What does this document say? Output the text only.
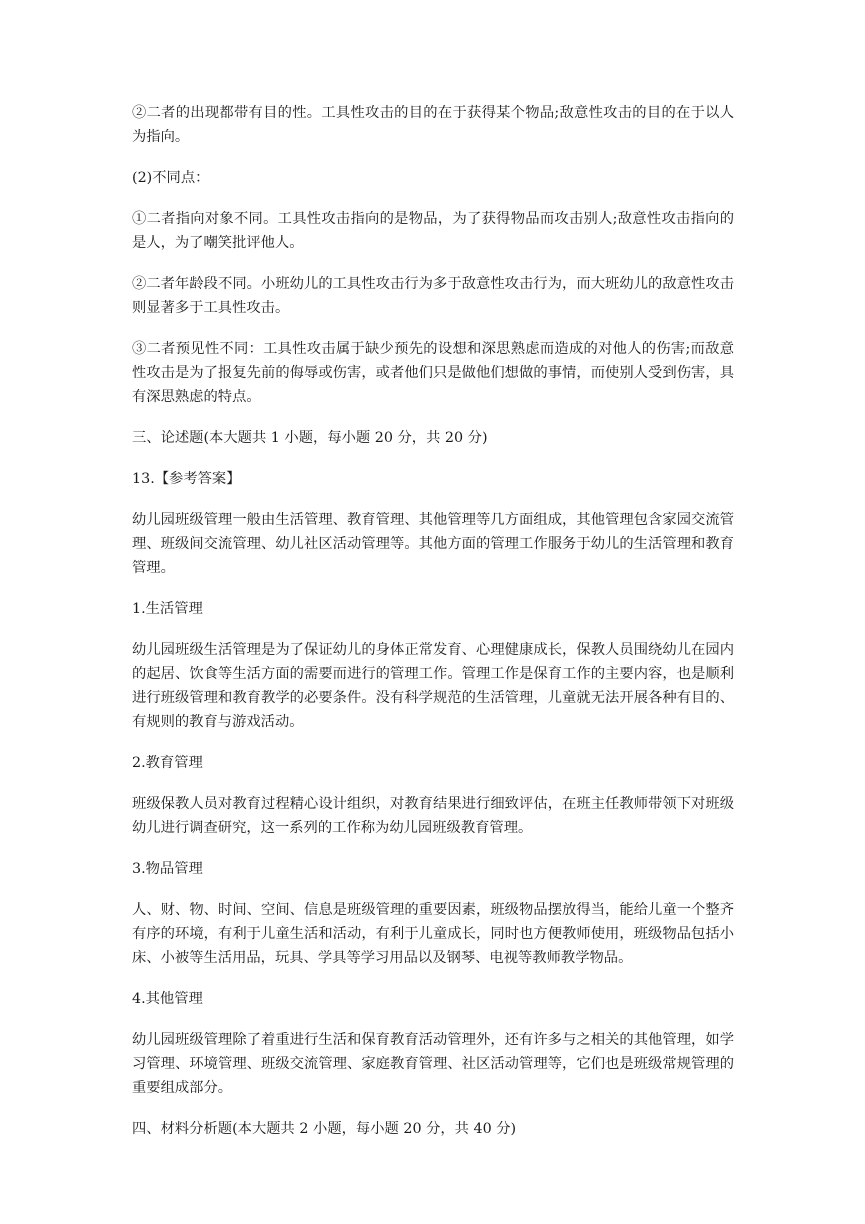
②二者的出现都带有目的性。工具性攻击的目的在于获得某个物品;敌意性攻击的目的在于以人为指向。

(2)不同点：

①二者指向对象不同。工具性攻击指向的是物品，为了获得物品而攻击别人;敌意性攻击指向的是人，为了嘲笑批评他人。

②二者年龄段不同。小班幼儿的工具性攻击行为多于敌意性攻击行为，而大班幼儿的敌意性攻击则显著多于工具性攻击。

③二者预见性不同：工具性攻击属于缺少预先的设想和深思熟虑而造成的对他人的伤害;而敌意性攻击是为了报复先前的侮辱或伤害，或者他们只是做他们想做的事情，而使别人受到伤害，具有深思熟虑的特点。

三、论述题(本大题共 1 小题，每小题 20 分，共 20 分)

13.【参考答案】

幼儿园班级管理一般由生活管理、教育管理、其他管理等几方面组成，其他管理包含家园交流管理、班级间交流管理、幼儿社区活动管理等。其他方面的管理工作服务于幼儿的生活管理和教育管理。

1.生活管理

幼儿园班级生活管理是为了保证幼儿的身体正常发育、心理健康成长，保教人员围绕幼儿在园内的起居、饮食等生活方面的需要而进行的管理工作。管理工作是保育工作的主要内容，也是顺利进行班级管理和教育教学的必要条件。没有科学规范的生活管理，儿童就无法开展各种有目的、有规则的教育与游戏活动。

2.教育管理

班级保教人员对教育过程精心设计组织，对教育结果进行细致评估，在班主任教师带领下对班级幼儿进行调查研究，这一系列的工作称为幼儿园班级教育管理。

3.物品管理

人、财、物、时间、空间、信息是班级管理的重要因素，班级物品摆放得当，能给儿童一个整齐有序的环境，有利于儿童生活和活动，有利于儿童成长，同时也方便教师使用，班级物品包括小床、小被等生活用品，玩具、学具等学习用品以及钢琴、电视等教师教学物品。

4.其他管理

幼儿园班级管理除了着重进行生活和保育教育活动管理外，还有许多与之相关的其他管理，如学习管理、环境管理、班级交流管理、家庭教育管理、社区活动管理等，它们也是班级常规管理的重要组成部分。

四、材料分析题(本大题共 2 小题，每小题 20 分，共 40 分)
